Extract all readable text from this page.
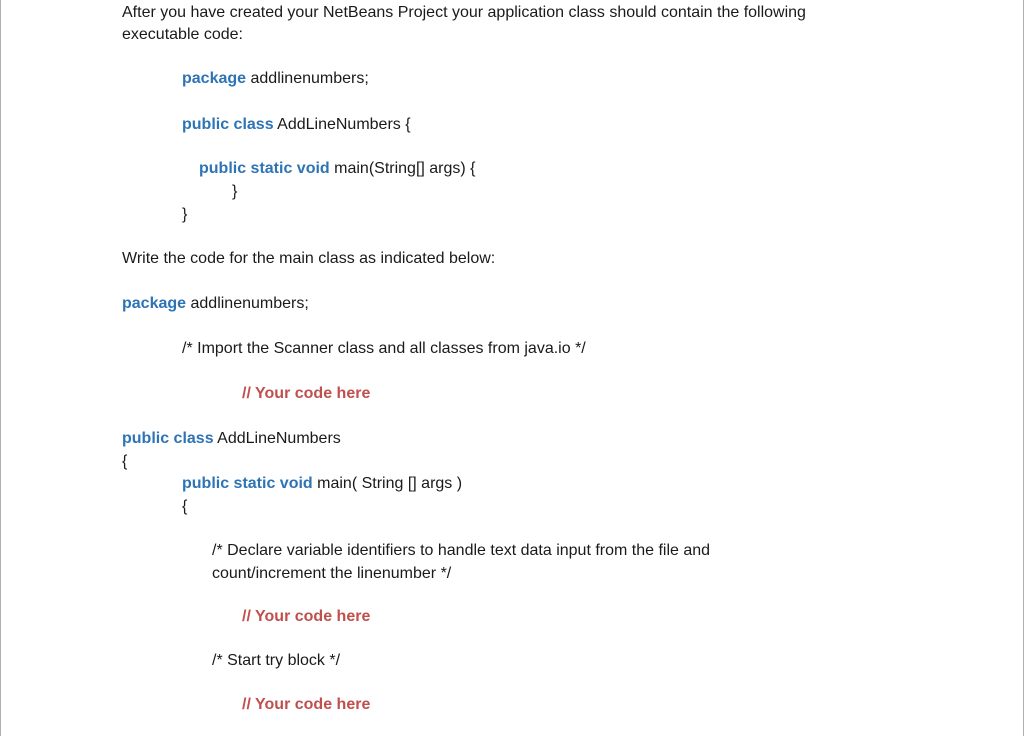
After you have created your NetBeans Project your application class should contain the following
executable code:
package addlinenumbers;
public class AddLineNumbers {
public static void main(String[] args) {
}
}
Write the code for the main class as indicated below:
package addlinenumbers;
/* Import the Scanner class and all classes from java.io */
// Your code here
public class AddLineNumbers
{
public static void main( String [] args )
{
/* Declare variable identifiers to handle text data input from the file and
count/increment the linenumber */
// Your code here
/* Start try block */
// Your code here
